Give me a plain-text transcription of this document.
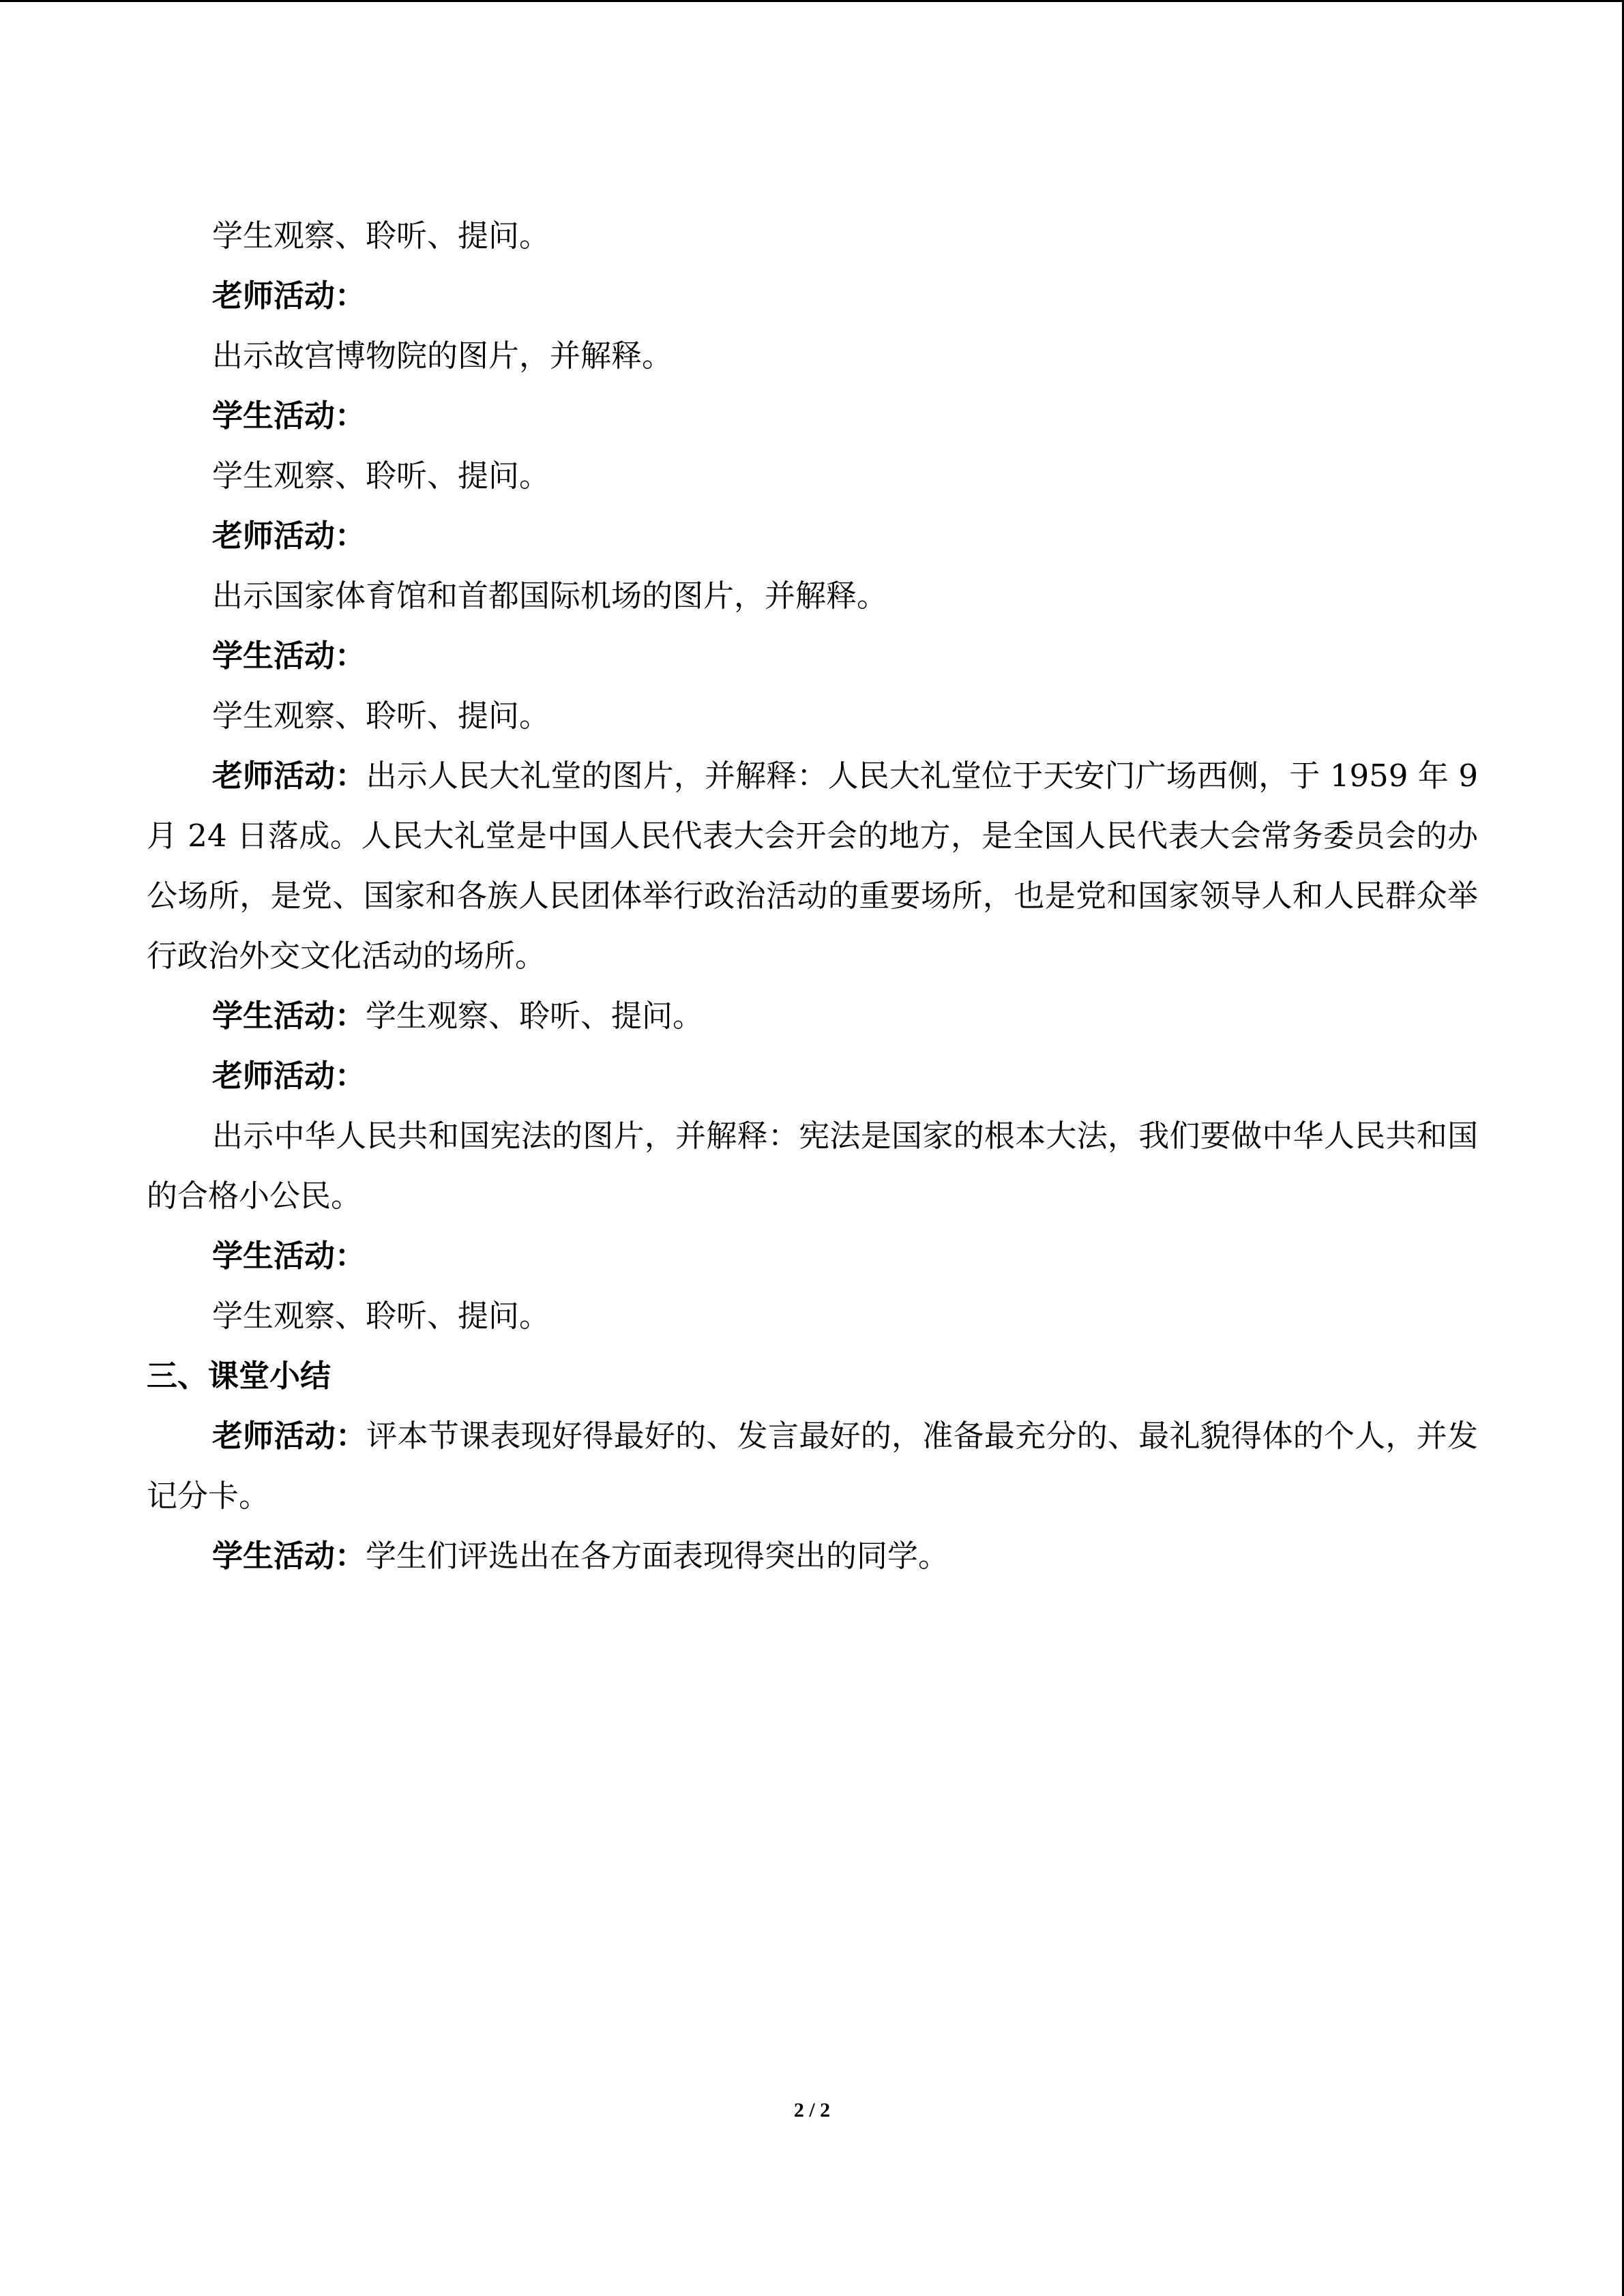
学生观察、聆听、提问。
老师活动：
出示故宫博物院的图片，并解释。
学生活动：
学生观察、聆听、提问。
老师活动：
出示国家体育馆和首都国际机场的图片，并解释。
学生活动：
学生观察、聆听、提问。
老师活动：出示人民大礼堂的图片，并解释：人民大礼堂位于天安门广场西侧，于 1959 年 9 月 24 日落成。人民大礼堂是中国人民代表大会开会的地方，是全国人民代表大会常务委员会的办公场所，是党、国家和各族人民团体举行政治活动的重要场所，也是党和国家领导人和人民群众举行政治外交文化活动的场所。
学生活动：学生观察、聆听、提问。
老师活动：
出示中华人民共和国宪法的图片，并解释：宪法是国家的根本大法，我们要做中华人民共和国的合格小公民。
学生活动：
学生观察、聆听、提问。
三、课堂小结
老师活动：评本节课表现好得最好的、发言最好的，准备最充分的、最礼貌得体的个人，并发记分卡。
学生活动：学生们评选出在各方面表现得突出的同学。
2 / 2
